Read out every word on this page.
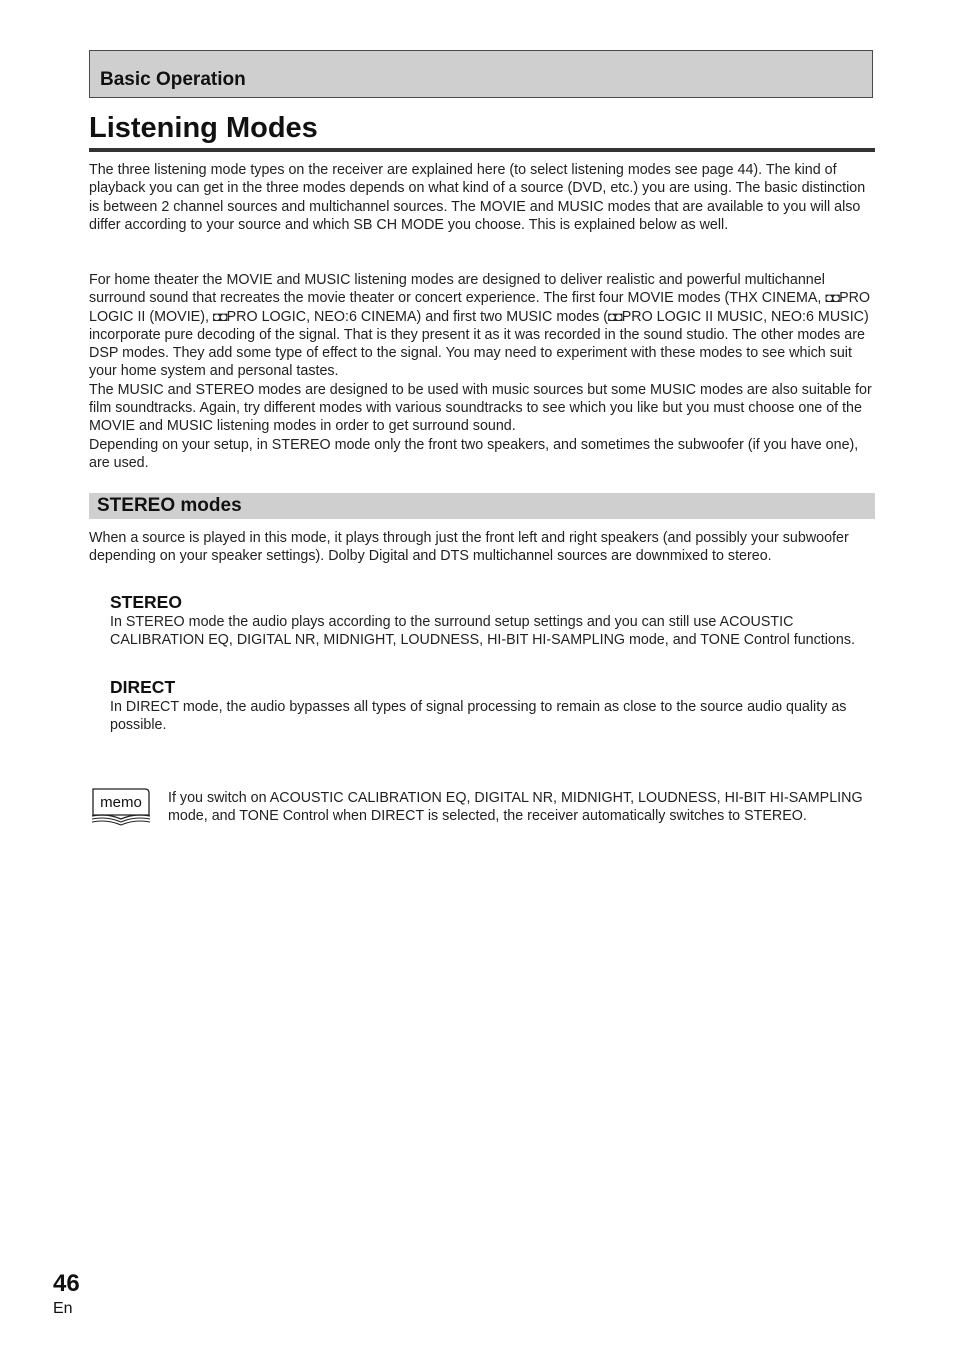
Basic Operation
Listening Modes

The three listening mode types on the receiver are explained here (to select listening modes see page 44). The kind of playback you can get in the three modes depends on what kind of a source (DVD, etc.) you are using. The basic distinction is between 2 channel sources and multichannel sources. The MOVIE and MUSIC modes that are available to you will also differ according to your source and which SB CH MODE you choose. This is explained below as well.

For home theater the MOVIE and MUSIC listening modes are designed to deliver realistic and powerful multichannel surround sound that recreates the movie theater or concert experience. The first four MOVIE modes (THX CINEMA, ◘◘PRO LOGIC II (MOVIE), ◘◘PRO LOGIC, NEO:6 CINEMA) and first two MUSIC modes (◘◘PRO LOGIC II MUSIC, NEO:6 MUSIC) incorporate pure decoding of the signal. That is they present it as it was recorded in the sound studio. The other modes are DSP modes. They add some type of effect to the signal. You may need to experiment with these modes to see which suit your home system and personal tastes.

The MUSIC and STEREO modes are designed to be used with music sources but some MUSIC modes are also suitable for film soundtracks. Again, try different modes with various soundtracks to see which you like but you must choose one of the MOVIE and MUSIC listening modes in order to get surround sound.

Depending on your setup, in STEREO mode only the front two speakers, and sometimes the subwoofer (if you have one), are used.

STEREO modes

When a source is played in this mode, it plays through just the front left and right speakers (and possibly your subwoofer depending on your speaker settings). Dolby Digital and DTS multichannel sources are downmixed to stereo.

STEREO

In STEREO mode the audio plays according to the surround setup settings and you can still use ACOUSTIC CALIBRATION EQ, DIGITAL NR, MIDNIGHT, LOUDNESS, HI-BIT HI-SAMPLING mode, and TONE Control functions.

DIRECT

In DIRECT mode, the audio bypasses all types of signal processing to remain as close to the source audio quality as possible.

memo If you switch on ACOUSTIC CALIBRATION EQ, DIGITAL NR, MIDNIGHT, LOUDNESS, HI-BIT HI-SAMPLING mode, and TONE Control when DIRECT is selected, the receiver automatically switches to STEREO.

46
En
